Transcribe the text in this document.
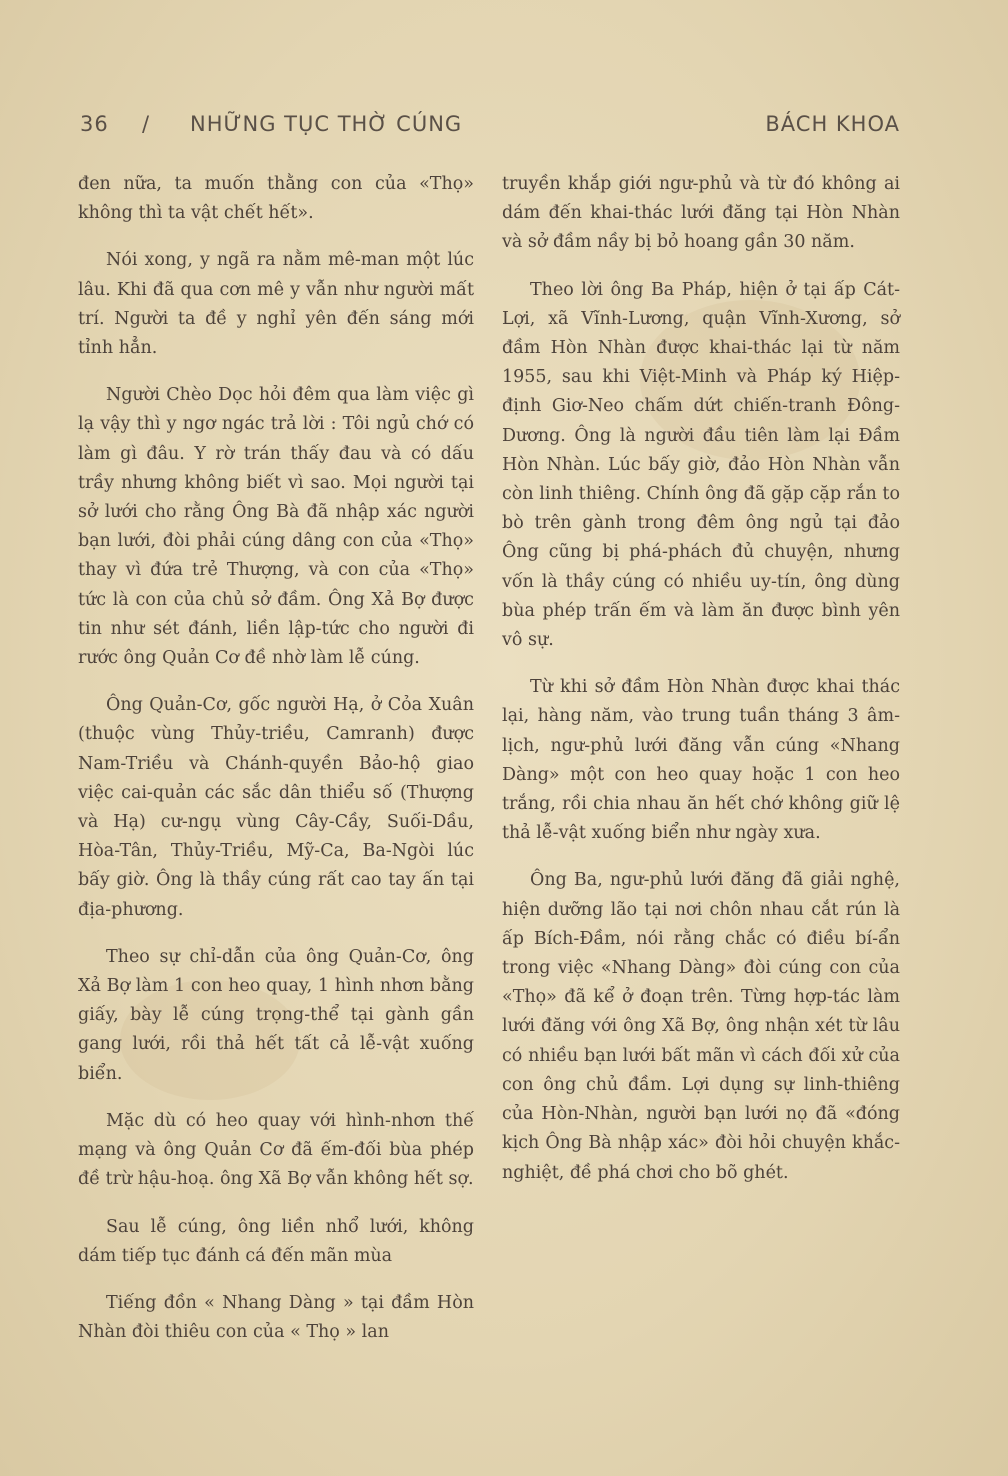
36 / NHỮNG TỤC THỜ CÚNG	BÁCH KHOA

đen nữa, ta muốn thằng con của «Thọ» không thì ta vật chết hết».

Nói xong, y ngã ra nằm mê-man một lúc lâu. Khi đã qua cơn mê y vẫn như người mất trí. Người ta đề y nghỉ yên đến sáng mới tỉnh hẳn.

Người Chèo Dọc hỏi đêm qua làm việc gì lạ vậy thì y ngơ ngác trả lời : Tôi ngủ chớ có làm gì đâu. Y rờ trán thấy đau và có dấu trầy nhưng không biết vì sao. Mọi người tại sở lưới cho rằng Ông Bà đã nhập xác người bạn lưới, đòi phải cúng dâng con của «Thọ» thay vì đứa trẻ Thượng, và con của «Thọ» tức là con của chủ sở đầm. Ông Xả Bợ được tin như sét đánh, liền lập-tức cho người đi rước ông Quản Cơ đề nhờ làm lễ cúng.

Ông Quản-Cơ, gốc người Hạ, ở Cỏa Xuân (thuộc vùng Thủy-triều, Camranh) được Nam-Triều và Chánh-quyền Bảo-hộ giao việc cai-quản các sắc dân thiểu số (Thượng và Hạ) cư-ngụ vùng Cây-Cầy, Suối-Dầu, Hòa-Tân, Thủy-Triều, Mỹ-Ca, Ba-Ngòi lúc bấy giờ. Ông là thầy cúng rất cao tay ấn tại địa-phương.

Theo sự chỉ-dẫn của ông Quản-Cơ, ông Xả Bợ làm 1 con heo quay, 1 hình nhơn bằng giấy, bày lễ cúng trọng-thể tại gành gần gang lưới, rồi thả hết tất cả lễ-vật xuống biển.

Mặc dù có heo quay với hình-nhơn thế mạng và ông Quản Cơ đã ếm-đối bùa phép đề trừ hậu-hoạ. ông Xã Bợ vẫn không hết sợ.

Sau lễ cúng, ông liền nhổ lưới, không dám tiếp tục đánh cá đến mãn mùa

Tiếng đồn « Nhang Dàng » tại đầm Hòn Nhàn đòi thiêu con của « Thọ » lan

truyền khắp giới ngư-phủ và từ đó không ai dám đến khai-thác lưới đăng tại Hòn Nhàn và sở đầm nầy bị bỏ hoang gần 30 năm.

Theo lời ông Ba Pháp, hiện ở tại ấp Cát-Lợi, xã Vĩnh-Lương, quận Vĩnh-Xương, sở đầm Hòn Nhàn được khai-thác lại từ năm 1955, sau khi Việt-Minh và Pháp ký Hiệp-định Giơ-Neo chấm dứt chiến-tranh Đông-Dương. Ông là người đầu tiên làm lại Đầm Hòn Nhàn. Lúc bấy giờ, đảo Hòn Nhàn vẫn còn linh thiêng. Chính ông đã gặp cặp rắn to bò trên gành trong đêm ông ngủ tại đảo Ông cũng bị phá-phách đủ chuyện, nhưng vốn là thầy cúng có nhiều uy-tín, ông dùng bùa phép trấn ếm và làm ăn được bình yên vô sự.

Từ khi sở đầm Hòn Nhàn được khai thác lại, hàng năm, vào trung tuần tháng 3 âm-lịch, ngư-phủ lưới đăng vẫn cúng «Nhang Dàng» một con heo quay hoặc 1 con heo trắng, rồi chia nhau ăn hết chớ không giữ lệ thả lễ-vật xuống biển như ngày xưa.

Ông Ba, ngư-phủ lưới đăng đã giải nghệ, hiện dưỡng lão tại nơi chôn nhau cắt rún là ấp Bích-Đầm, nói rằng chắc có điều bí-ẩn trong việc «Nhang Dàng» đòi cúng con của «Thọ» đã kể ở đoạn trên. Từng hợp-tác làm lưới đăng với ông Xã Bợ, ông nhận xét từ lâu có nhiều bạn lưới bất mãn vì cách đối xử của con ông chủ đầm. Lợi dụng sự linh-thiêng của Hòn-Nhàn, người bạn lưới nọ đã «đóng kịch Ông Bà nhập xác» đòi hỏi chuyện khắc-nghiệt, đề phá chơi cho bõ ghét.
